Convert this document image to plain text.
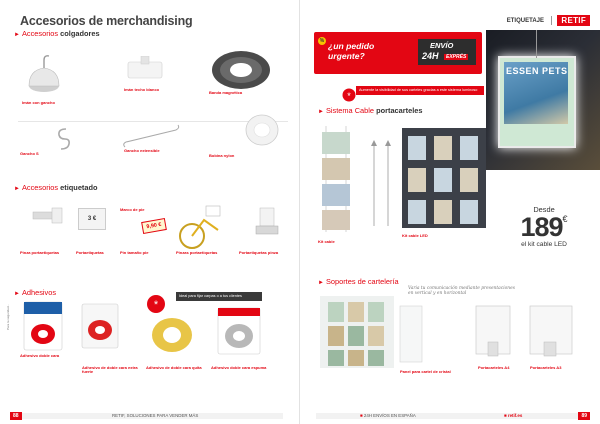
Accesorios de merchandising
► Accesorios colgadores
Imán con gancho
Imán techo blanco
Banda magnética
Gancho S
Gancho extensible
Bobina nylon
► Accesorios etiquetado
3 €
9,90 €
Pinza portaetiquetas	Portaetiquetas	Pin tamaño pie
Marco de pie
Pinzas portaetiquetas	Portaetiquetas pinza
► Adhesivos	Ideal para fijar carpas o a tus clientes
*
Adhesivo doble cara
Adhesivo de doble cara extra fuerte
Adhesivo de doble cara quita	Adhesivo doble cara espuma
Para la seguridad...
88	RETIF, SOLUCIONES PARA VENDER MÁS
ETIQUETAJE	RETIF
% ¿un pedido urgente?
ENVÍO
24H	EXPRÉS
ESSEN PETS
Aumente la visibilidad de sus carteles gracias a este sistema luminoso
*
► Sistema Cable portacarteles
Kit cable
Kit cable LED
Desde
189€
el kit cable LED
► Soportes de cartelería
Varia tu comunicación mediante presentaciones en vertical y en horizontal
Panel para cartel de cristal
Portacarteles A4	Portacarteles A3
■ 24H ENVÍOS EN ESPAÑA	■ retif.es	89
